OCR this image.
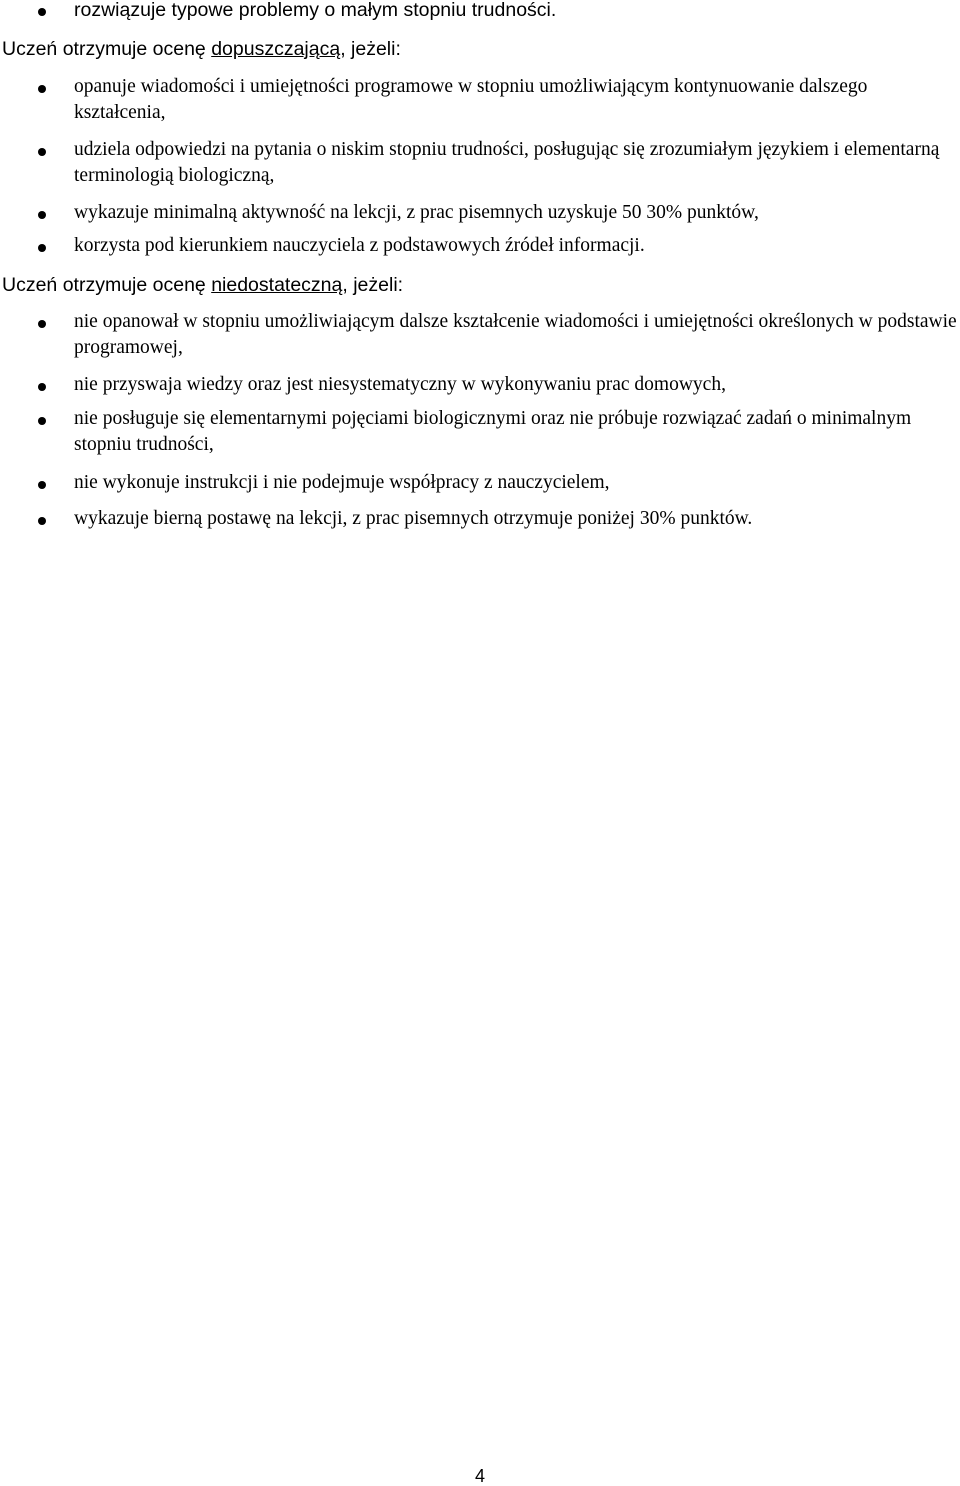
rozwiązuje typowe problemy o małym stopniu trudności.
Uczeń otrzymuje ocenę dopuszczającą, jeżeli:
opanuje wiadomości i umiejętności programowe w stopniu umożliwiającym kontynuowanie dalszego kształcenia,
udziela odpowiedzi na pytania o niskim stopniu trudności, posługując się zrozumiałym językiem i elementarną terminologią biologiczną,
wykazuje minimalną aktywność na lekcji, z prac pisemnych uzyskuje 50 30% punktów,
korzysta pod kierunkiem nauczyciela z podstawowych źródeł informacji.
Uczeń otrzymuje ocenę niedostateczną, jeżeli:
nie opanował w stopniu umożliwiającym dalsze kształcenie wiadomości i umiejętności określonych w podstawie programowej,
nie przyswaja wiedzy oraz jest niesystematyczny w wykonywaniu prac domowych,
nie posługuje się elementarnymi pojęciami biologicznymi oraz nie próbuje rozwiązać zadań o minimalnym stopniu trudności,
nie wykonuje instrukcji i nie podejmuje współpracy z nauczycielem,
wykazuje bierną postawę na lekcji, z prac pisemnych otrzymuje poniżej 30% punktów.
4
